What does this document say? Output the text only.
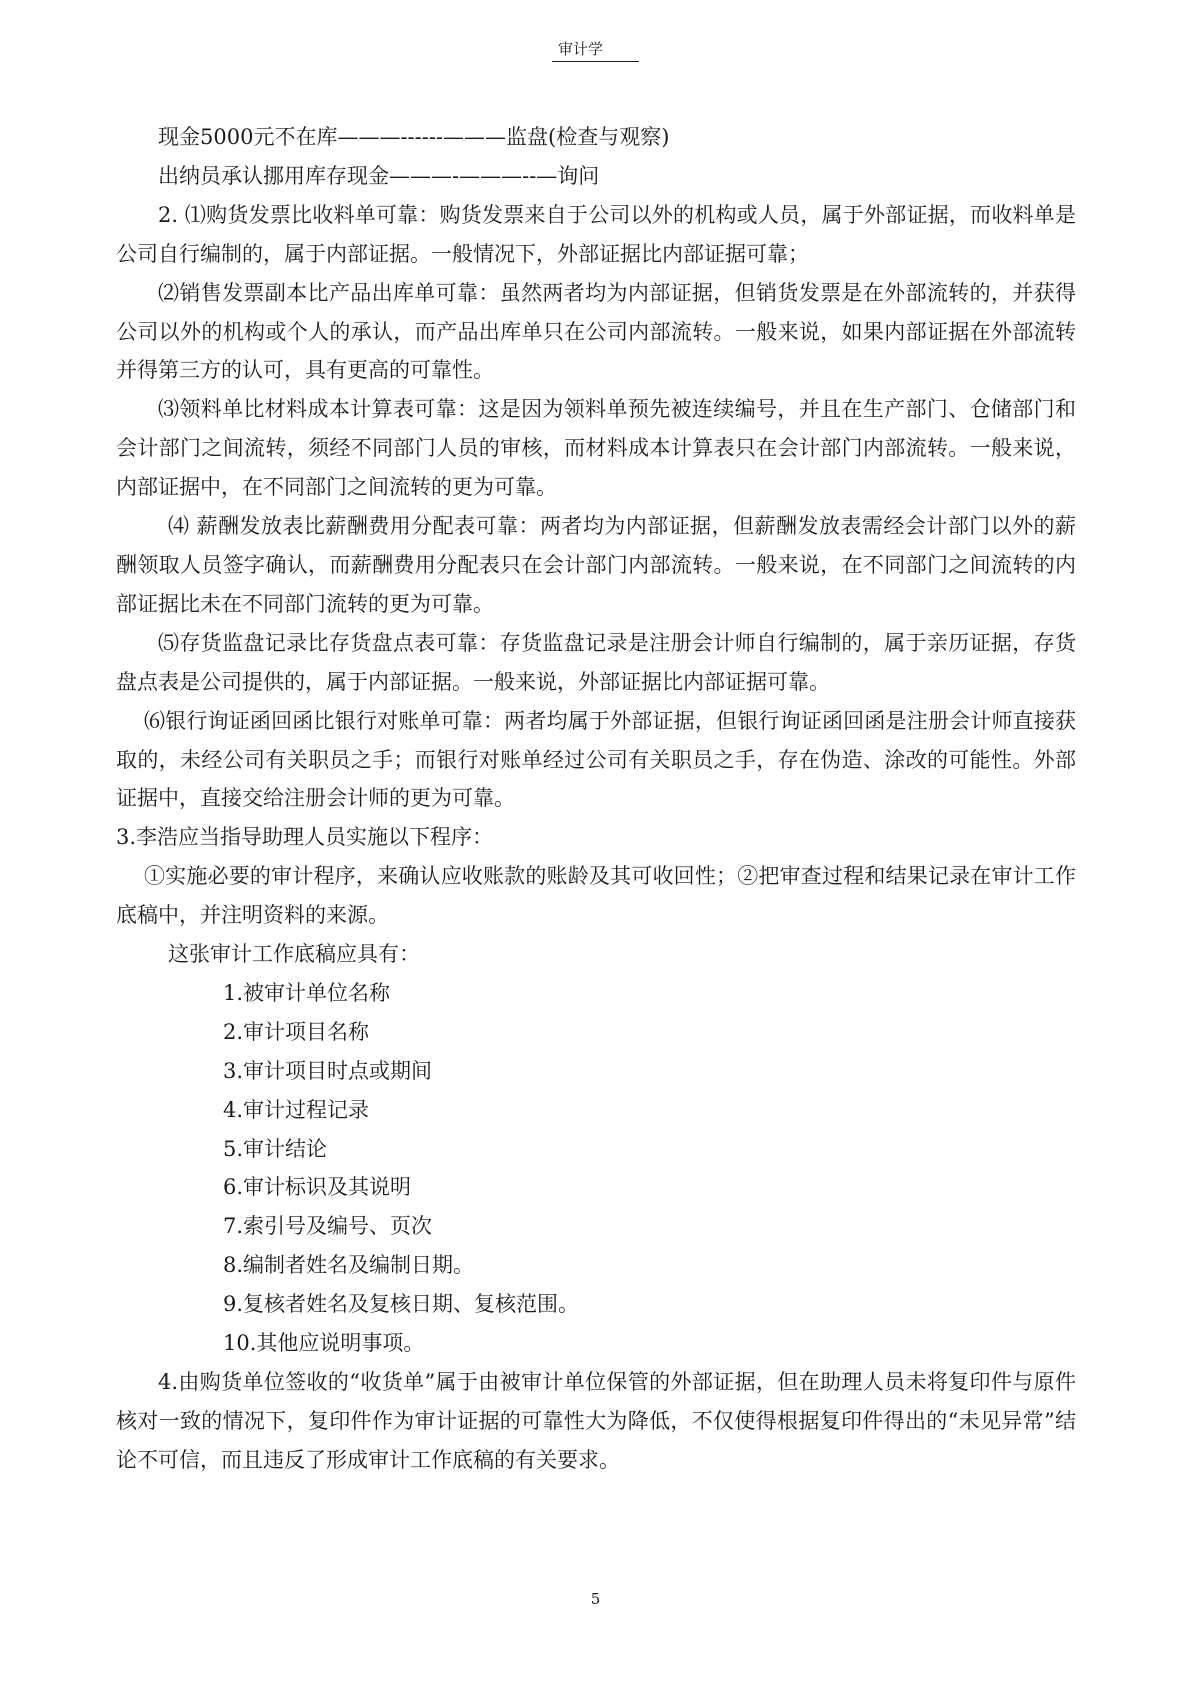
审计学

现金5000元不在库———------———监盘(检查与观察)

出纳员承认挪用库存现金———-———--—询问

2. ⑴购货发票比收料单可靠：购货发票来自于公司以外的机构或人员，属于外部证据，而收料单是公司自行编制的，属于内部证据。一般情况下，外部证据比内部证据可靠；

⑵销售发票副本比产品出库单可靠：虽然两者均为内部证据，但销货发票是在外部流转的，并获得公司以外的机构或个人的承认，而产品出库单只在公司内部流转。一般来说，如果内部证据在外部流转并得第三方的认可，具有更高的可靠性。

⑶领料单比材料成本计算表可靠：这是因为领料单预先被连续编号，并且在生产部门、仓储部门和会计部门之间流转，须经不同部门人员的审核，而材料成本计算表只在会计部门内部流转。一般来说，内部证据中，在不同部门之间流转的更为可靠。

⑷ 薪酬发放表比薪酬费用分配表可靠：两者均为内部证据，但薪酬发放表需经会计部门以外的薪酬领取人员签字确认，而薪酬费用分配表只在会计部门内部流转。一般来说，在不同部门之间流转的内部证据比未在不同部门流转的更为可靠。

⑸存货监盘记录比存货盘点表可靠：存货监盘记录是注册会计师自行编制的，属于亲历证据，存货盘点表是公司提供的，属于内部证据。一般来说，外部证据比内部证据可靠。

⑹银行询证函回函比银行对账单可靠：两者均属于外部证据，但银行询证函回函是注册会计师直接获取的，未经公司有关职员之手；而银行对账单经过公司有关职员之手，存在伪造、涂改的可能性。外部证据中，直接交给注册会计师的更为可靠。

3.李浩应当指导助理人员实施以下程序：

①实施必要的审计程序，来确认应收账款的账龄及其可收回性；②把审查过程和结果记录在审计工作底稿中，并注明资料的来源。

这张审计工作底稿应具有：

1.被审计单位名称

2.审计项目名称

3.审计项目时点或期间

4.审计过程记录

5.审计结论

6.审计标识及其说明

7.索引号及编号、页次

8.编制者姓名及编制日期。

9.复核者姓名及复核日期、复核范围。

10.其他应说明事项。

4.由购货单位签收的“收货单”属于由被审计单位保管的外部证据，但在助理人员未将复印件与原件核对一致的情况下，复印件作为审计证据的可靠性大为降低，不仅使得根据复印件得出的“未见异常”结论不可信，而且违反了形成审计工作底稿的有关要求。

5
